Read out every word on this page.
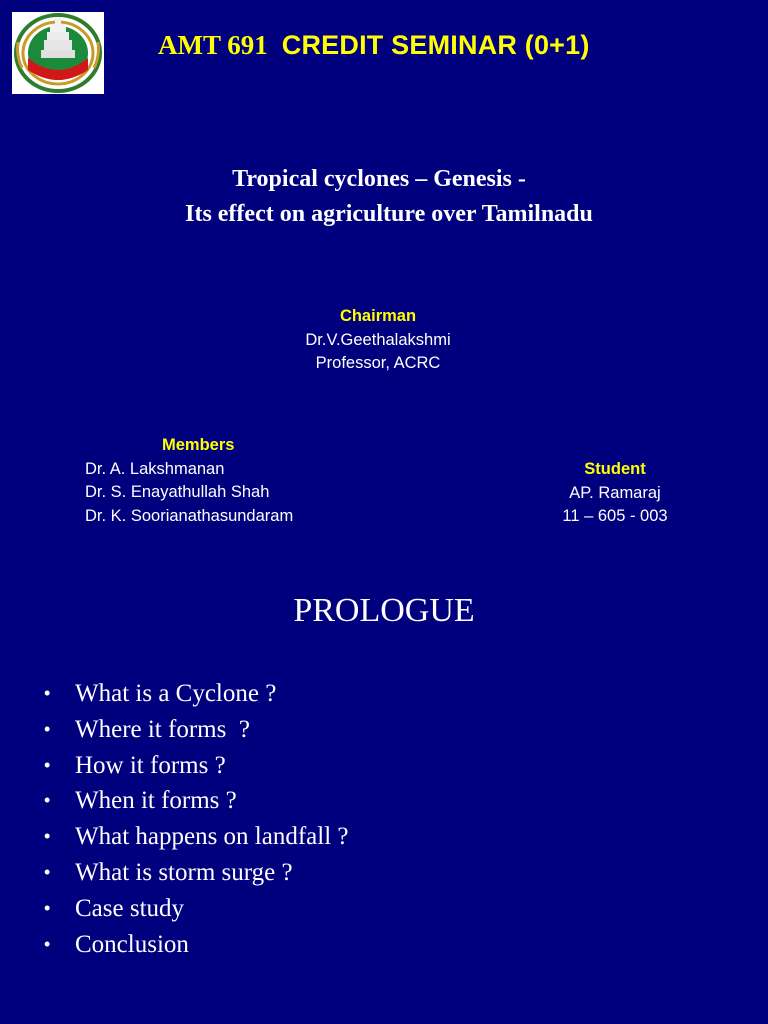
AMT 691 CREDIT SEMINAR (0+1)
Tropical cyclones – Genesis -
Its effect on agriculture over Tamilnadu
Chairman
Dr.V.Geethalakshmi
Professor, ACRC
Members
Dr. A. Lakshmanan
Dr. S. Enayathullah Shah
Dr. K. Soorianathasundaram
Student
AP. Ramaraj
11 – 605 - 003
PROLOGUE
• What is a Cyclone ?
• Where it forms  ?
• How it forms ?
• When it forms ?
• What happens on landfall ?
• What is storm surge ?
• Case study
• Conclusion
